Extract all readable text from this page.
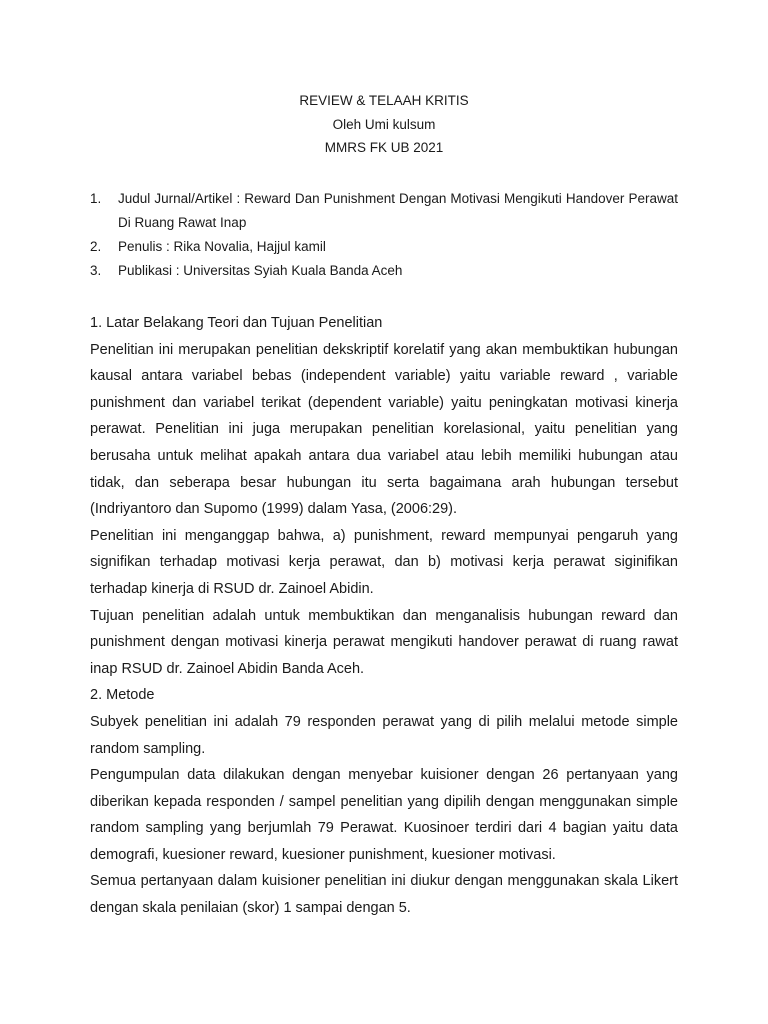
REVIEW & TELAAH KRITIS
Oleh Umi kulsum
MMRS FK UB 2021
1. Judul Jurnal/Artikel : Reward Dan Punishment Dengan Motivasi Mengikuti Handover Perawat Di Ruang Rawat Inap
2. Penulis : Rika Novalia, Hajjul kamil
3. Publikasi : Universitas Syiah Kuala Banda Aceh

1. Latar Belakang Teori dan Tujuan Penelitian

Penelitian ini merupakan penelitian dekskriptif korelatif yang akan membuktikan hubungan kausal antara variabel bebas (independent variable) yaitu variable reward , variable punishment dan variabel terikat (dependent variable) yaitu peningkatan motivasi kinerja perawat. Penelitian ini juga merupakan penelitian korelasional, yaitu penelitian yang berusaha untuk melihat apakah antara dua variabel atau lebih memiliki hubungan atau tidak, dan seberapa besar hubungan itu serta bagaimana arah hubungan tersebut (Indriyantoro dan Supomo (1999) dalam Yasa, (2006:29).

Penelitian ini menganggap bahwa, a) punishment, reward mempunyai pengaruh yang signifikan terhadap motivasi kerja perawat, dan b) motivasi kerja perawat siginifikan terhadap kinerja di RSUD dr. Zainoel Abidin.

Tujuan penelitian adalah untuk membuktikan dan menganalisis hubungan reward dan punishment dengan motivasi kinerja perawat mengikuti handover perawat di ruang rawat inap RSUD dr. Zainoel Abidin Banda Aceh.

2. Metode

Subyek penelitian ini adalah 79 responden perawat yang di pilih melalui metode simple random sampling.

Pengumpulan data dilakukan dengan menyebar kuisioner dengan 26 pertanyaan yang diberikan kepada responden / sampel penelitian yang dipilih dengan menggunakan simple random sampling yang berjumlah 79 Perawat. Kuosinoer terdiri dari 4 bagian yaitu data demografi, kuesioner reward, kuesioner punishment, kuesioner motivasi.

Semua pertanyaan dalam kuisioner penelitian ini diukur dengan menggunakan skala Likert dengan skala penilaian (skor) 1 sampai dengan 5.
